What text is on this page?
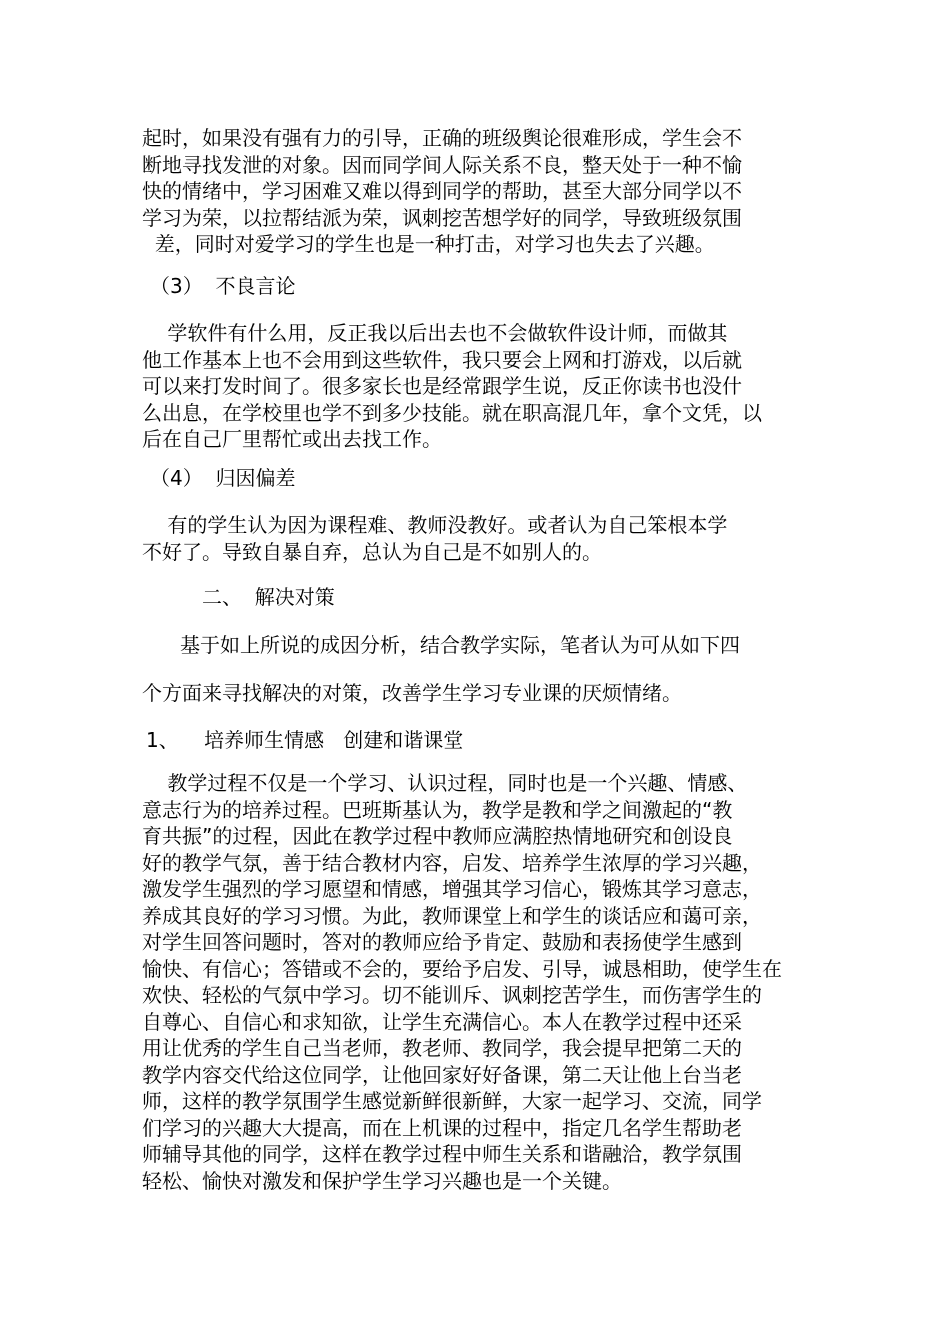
起时，如果没有强有力的引导，正确的班级舆论很难形成，学生会不
断地寻找发泄的对象。因而同学间人际关系不良，整天处于一种不愉
快的情绪中，学习困难又难以得到同学的帮助，甚至大部分同学以不
学习为荣，以拉帮结派为荣，讽刺挖苦想学好的同学，导致班级氛围
差，同时对爱学习的学生也是一种打击，对学习也失去了兴趣。
（3）  不良言论
学软件有什么用，反正我以后出去也不会做软件设计师，而做其
他工作基本上也不会用到这些软件，我只要会上网和打游戏，以后就
可以来打发时间了。很多家长也是经常跟学生说，反正你读书也没什
么出息，在学校里也学不到多少技能。就在职高混几年，拿个文凭，以
后在自己厂里帮忙或出去找工作。
（4）  归因偏差
有的学生认为因为课程难、教师没教好。或者认为自己笨根本学
不好了。导致自暴自弃，总认为自己是不如别人的。
二、  解决对策
基于如上所说的成因分析，结合教学实际，笔者认为可从如下四
个方面来寻找解决的对策，改善学生学习专业课的厌烦情绪。
1、    培养师生情感   创建和谐课堂
教学过程不仅是一个学习、认识过程，同时也是一个兴趣、情感、
意志行为的培养过程。巴班斯基认为，教学是教和学之间激起的“教
育共振”的过程，因此在教学过程中教师应满腔热情地研究和创设良
好的教学气氛，善于结合教材内容，启发、培养学生浓厚的学习兴趣，
激发学生强烈的学习愿望和情感，增强其学习信心，锻炼其学习意志，
养成其良好的学习习惯。为此，教师课堂上和学生的谈话应和蔼可亲，
对学生回答问题时，答对的教师应给予肯定、鼓励和表扬使学生感到
愉快、有信心；答错或不会的，要给予启发、引导，诚恳相助，使学生在
欢快、轻松的气氛中学习。切不能训斥、讽刺挖苦学生，而伤害学生的
自尊心、自信心和求知欲，让学生充满信心。本人在教学过程中还采
用让优秀的学生自己当老师，教老师、教同学，我会提早把第二天的
教学内容交代给这位同学，让他回家好好备课，第二天让他上台当老
师，这样的教学氛围学生感觉新鲜很新鲜，大家一起学习、交流，同学
们学习的兴趣大大提高，而在上机课的过程中，指定几名学生帮助老
师辅导其他的同学，这样在教学过程中师生关系和谐融洽，教学氛围
轻松、愉快对激发和保护学生学习兴趣也是一个关键。
